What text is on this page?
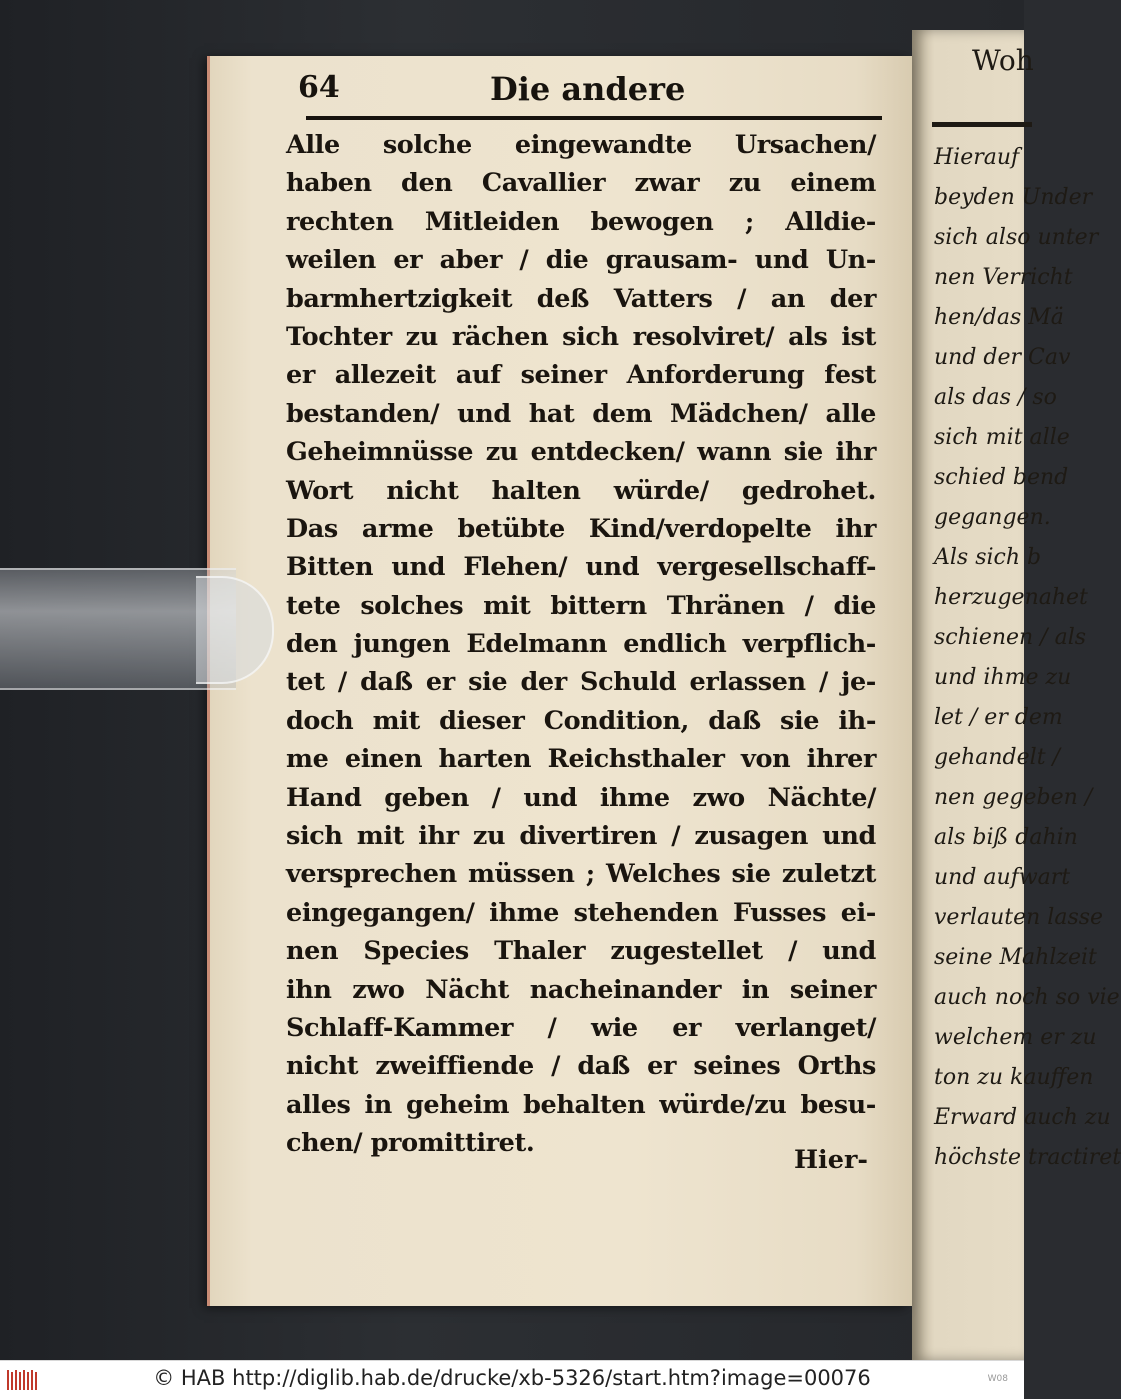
Woh
Hierauf
beyden Under
sich also unter
nen Verricht
hen/das Mä
und der Cav
als das / so
sich mit alle
schied bend
gegangen.
Als sich b
herzugenahet
schienen / als
und ihme zu
let / er dem
gehandelt /
nen gegeben /
als biß dahin
und aufwart
verlauten lasse
seine Mahlzeit
auch noch so vie
welchem er zu
ton zu kauffen
Erward auch zu
höchste tractiret
64	Die andere
Alle solche eingewandte Ursachen/
haben den Cavallier zwar zu einem
rechten Mitleiden bewogen ; Alldie-
weilen er aber / die grausam- und Un-
barmhertzigkeit deß Vatters / an der
Tochter zu rächen sich resolviret/ als ist
er allezeit auf seiner Anforderung fest
bestanden/ und hat dem Mädchen/ alle
Geheimnüsse zu entdecken/ wann sie ihr
Wort nicht halten würde/ gedrohet.
Das arme betübte Kind/verdopelte ihr
Bitten und Flehen/ und vergesellschaff-
tete solches mit bittern Thränen / die
den jungen Edelmann endlich verpflich-
tet / daß er sie der Schuld erlassen / je-
doch mit dieser Condition, daß sie ih-
me einen harten Reichsthaler von ihrer
Hand geben / und ihme zwo Nächte/
sich mit ihr zu divertiren / zusagen und
versprechen müssen ; Welches sie zuletzt
eingegangen/ ihme stehenden Fusses ei-
nen Species Thaler zugestellet / und
ihn zwo Nächt nacheinander in seiner
Schlaff-Kammer / wie er verlanget/
nicht zweiffiende / daß er seines Orths
alles in geheim behalten würde/zu besu-
chen/ promittiret.
Hier-
© HAB http://diglib.hab.de/drucke/xb-5326/start.htm?image=00076	W08
